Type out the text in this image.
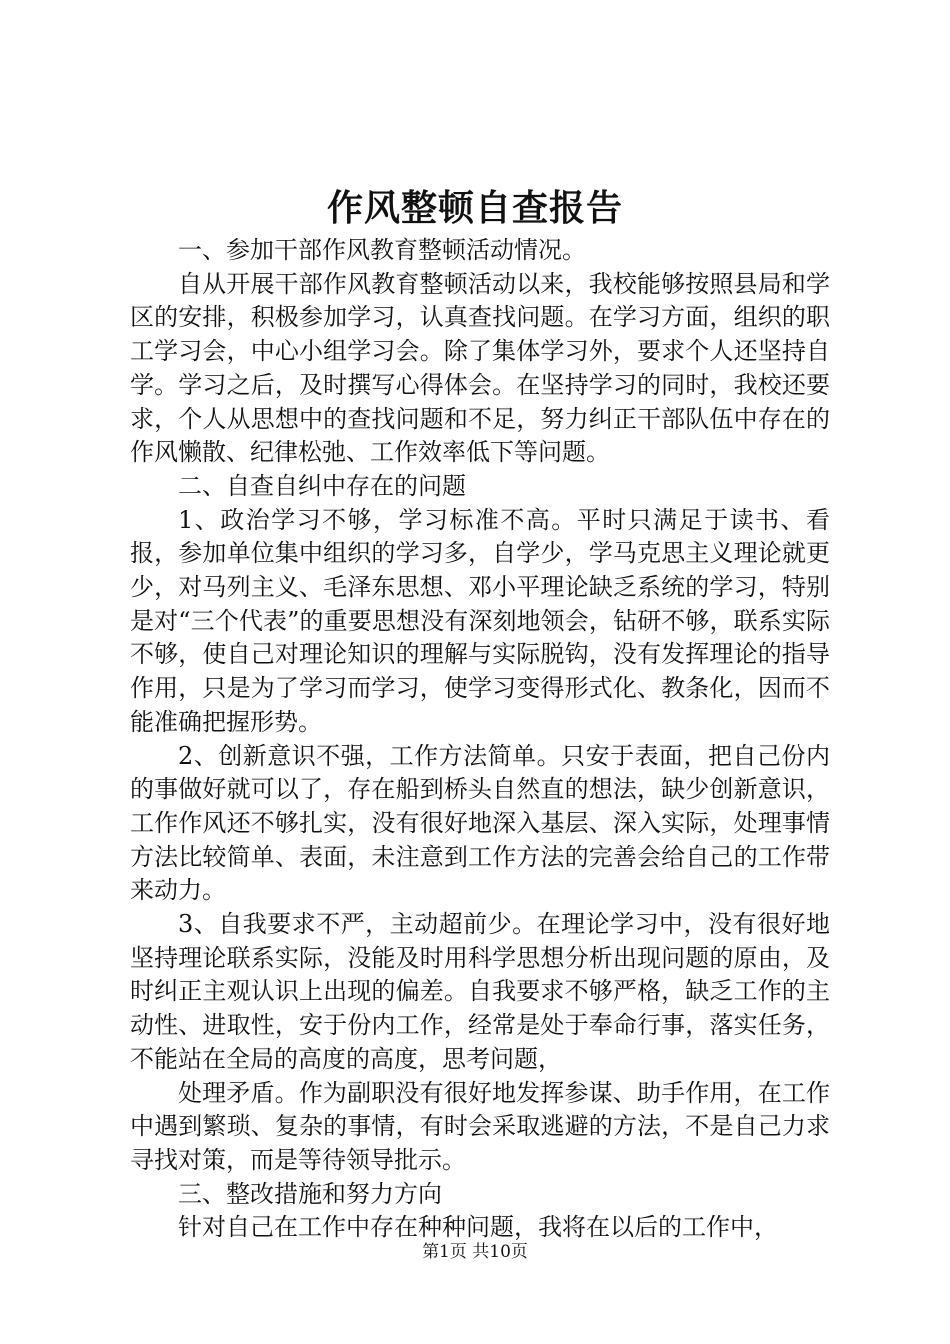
作风整顿自查报告

一、参加干部作风教育整顿活动情况。

自从开展干部作风教育整顿活动以来，我校能够按照县局和学区的安排，积极参加学习，认真查找问题。在学习方面，组织的职工学习会，中心小组学习会。除了集体学习外，要求个人还坚持自学。学习之后，及时撰写心得体会。在坚持学习的同时，我校还要求，个人从思想中的查找问题和不足，努力纠正干部队伍中存在的作风懒散、纪律松弛、工作效率低下等问题。

二、自查自纠中存在的问题

1、政治学习不够，学习标准不高。平时只满足于读书、看报，参加单位集中组织的学习多，自学少，学马克思主义理论就更少，对马列主义、毛泽东思想、邓小平理论缺乏系统的学习，特别是对“三个代表”的重要思想没有深刻地领会，钻研不够，联系实际不够，使自己对理论知识的理解与实际脱钩，没有发挥理论的指导作用，只是为了学习而学习，使学习变得形式化、教条化，因而不能准确把握形势。

2、创新意识不强，工作方法简单。只安于表面，把自己份内的事做好就可以了，存在船到桥头自然直的想法，缺少创新意识，工作作风还不够扎实，没有很好地深入基层、深入实际，处理事情方法比较简单、表面，未注意到工作方法的完善会给自己的工作带来动力。

3、自我要求不严，主动超前少。在理论学习中，没有很好地坚持理论联系实际，没能及时用科学思想分析出现问题的原由，及时纠正主观认识上出现的偏差。自我要求不够严格，缺乏工作的主动性、进取性，安于份内工作，经常是处于奉命行事，落实任务，不能站在全局的高度的高度，思考问题，

处理矛盾。作为副职没有很好地发挥参谋、助手作用，在工作中遇到繁琐、复杂的事情，有时会采取逃避的方法，不是自己力求寻找对策，而是等待领导批示。

三、整改措施和努力方向

针对自己在工作中存在种种问题，我将在以后的工作中，

第1页 共10页
